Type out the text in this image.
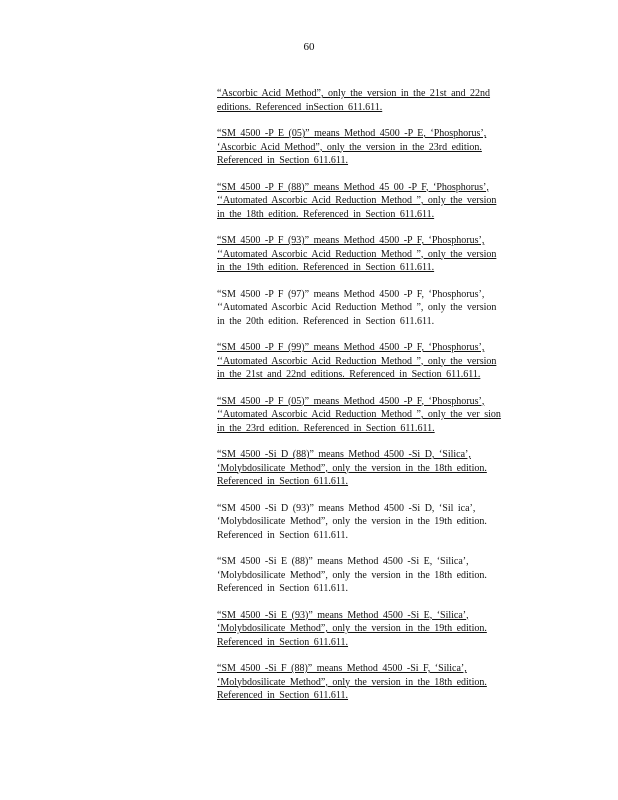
60
“Ascorbic Acid Method”, only the version in the 21st and 22nd
editions. Referenced inSection 611.611.
“SM 4500 -P E (05)” means Method 4500 -P E, ‘Phosphorus’,
‘Ascorbic Acid Method”, only the version in the 23rd edition.
Referenced in Section 611.611.
“SM 4500 -P F (88)” means Method 45 00 -P F, ‘Phosphorus’,
‘‘Automated Ascorbic Acid Reduction Method ”, only the version
in the 18th edition. Referenced in Section 611.611.
“SM 4500 -P F (93)” means Method 4500 -P F, ‘Phosphorus’,
‘‘Automated Ascorbic Acid Reduction Method ”, only the version
in the 19th edition. Referenced in Section 611.611.
“SM 4500 -P F (97)” means Method 4500 -P F, ‘Phosphorus’,
‘‘Automated Ascorbic Acid Reduction Method ”, only the version
in the 20th edition. Referenced in Section 611.611.
“SM 4500 -P F (99)” means Method 4500 -P F, ‘Phosphorus’,
‘‘Automated Ascorbic Acid Reduction Method ”, only the version
in the 21st and 22nd editions. Referenced in Section 611.611.
“SM 4500 -P F (05)” means Method 4500 -P F, ‘Phosphorus’,
‘‘Automated Ascorbic Acid Reduction Method ”, only the ver sion
in the 23rd edition. Referenced in Section 611.611.
“SM 4500 -Si D (88)” means Method 4500 -Si D, ‘Silica’,
‘Molybdosilicate Method”, only the version in the 18th edition.
Referenced in Section 611.611.
“SM 4500 -Si D (93)” means Method 4500 -Si D, ‘Sil ica’,
‘Molybdosilicate Method”, only the version in the 19th edition.
Referenced in Section 611.611.
“SM 4500 -Si E (88)” means Method 4500 -Si E, ‘Silica’,
‘Molybdosilicate Method”, only the version in the 18th edition.
Referenced in Section 611.611.
“SM 4500 -Si E (93)” means Method 4500 -Si E, ‘Silica’,
‘Molybdosilicate Method”, only the version in the 19th edition.
Referenced in Section 611.611.
“SM 4500 -Si F (88)” means Method 4500 -Si F, ‘Silica’,
‘Molybdosilicate Method”, only the version in the 18th edition.
Referenced in Section 611.611.
